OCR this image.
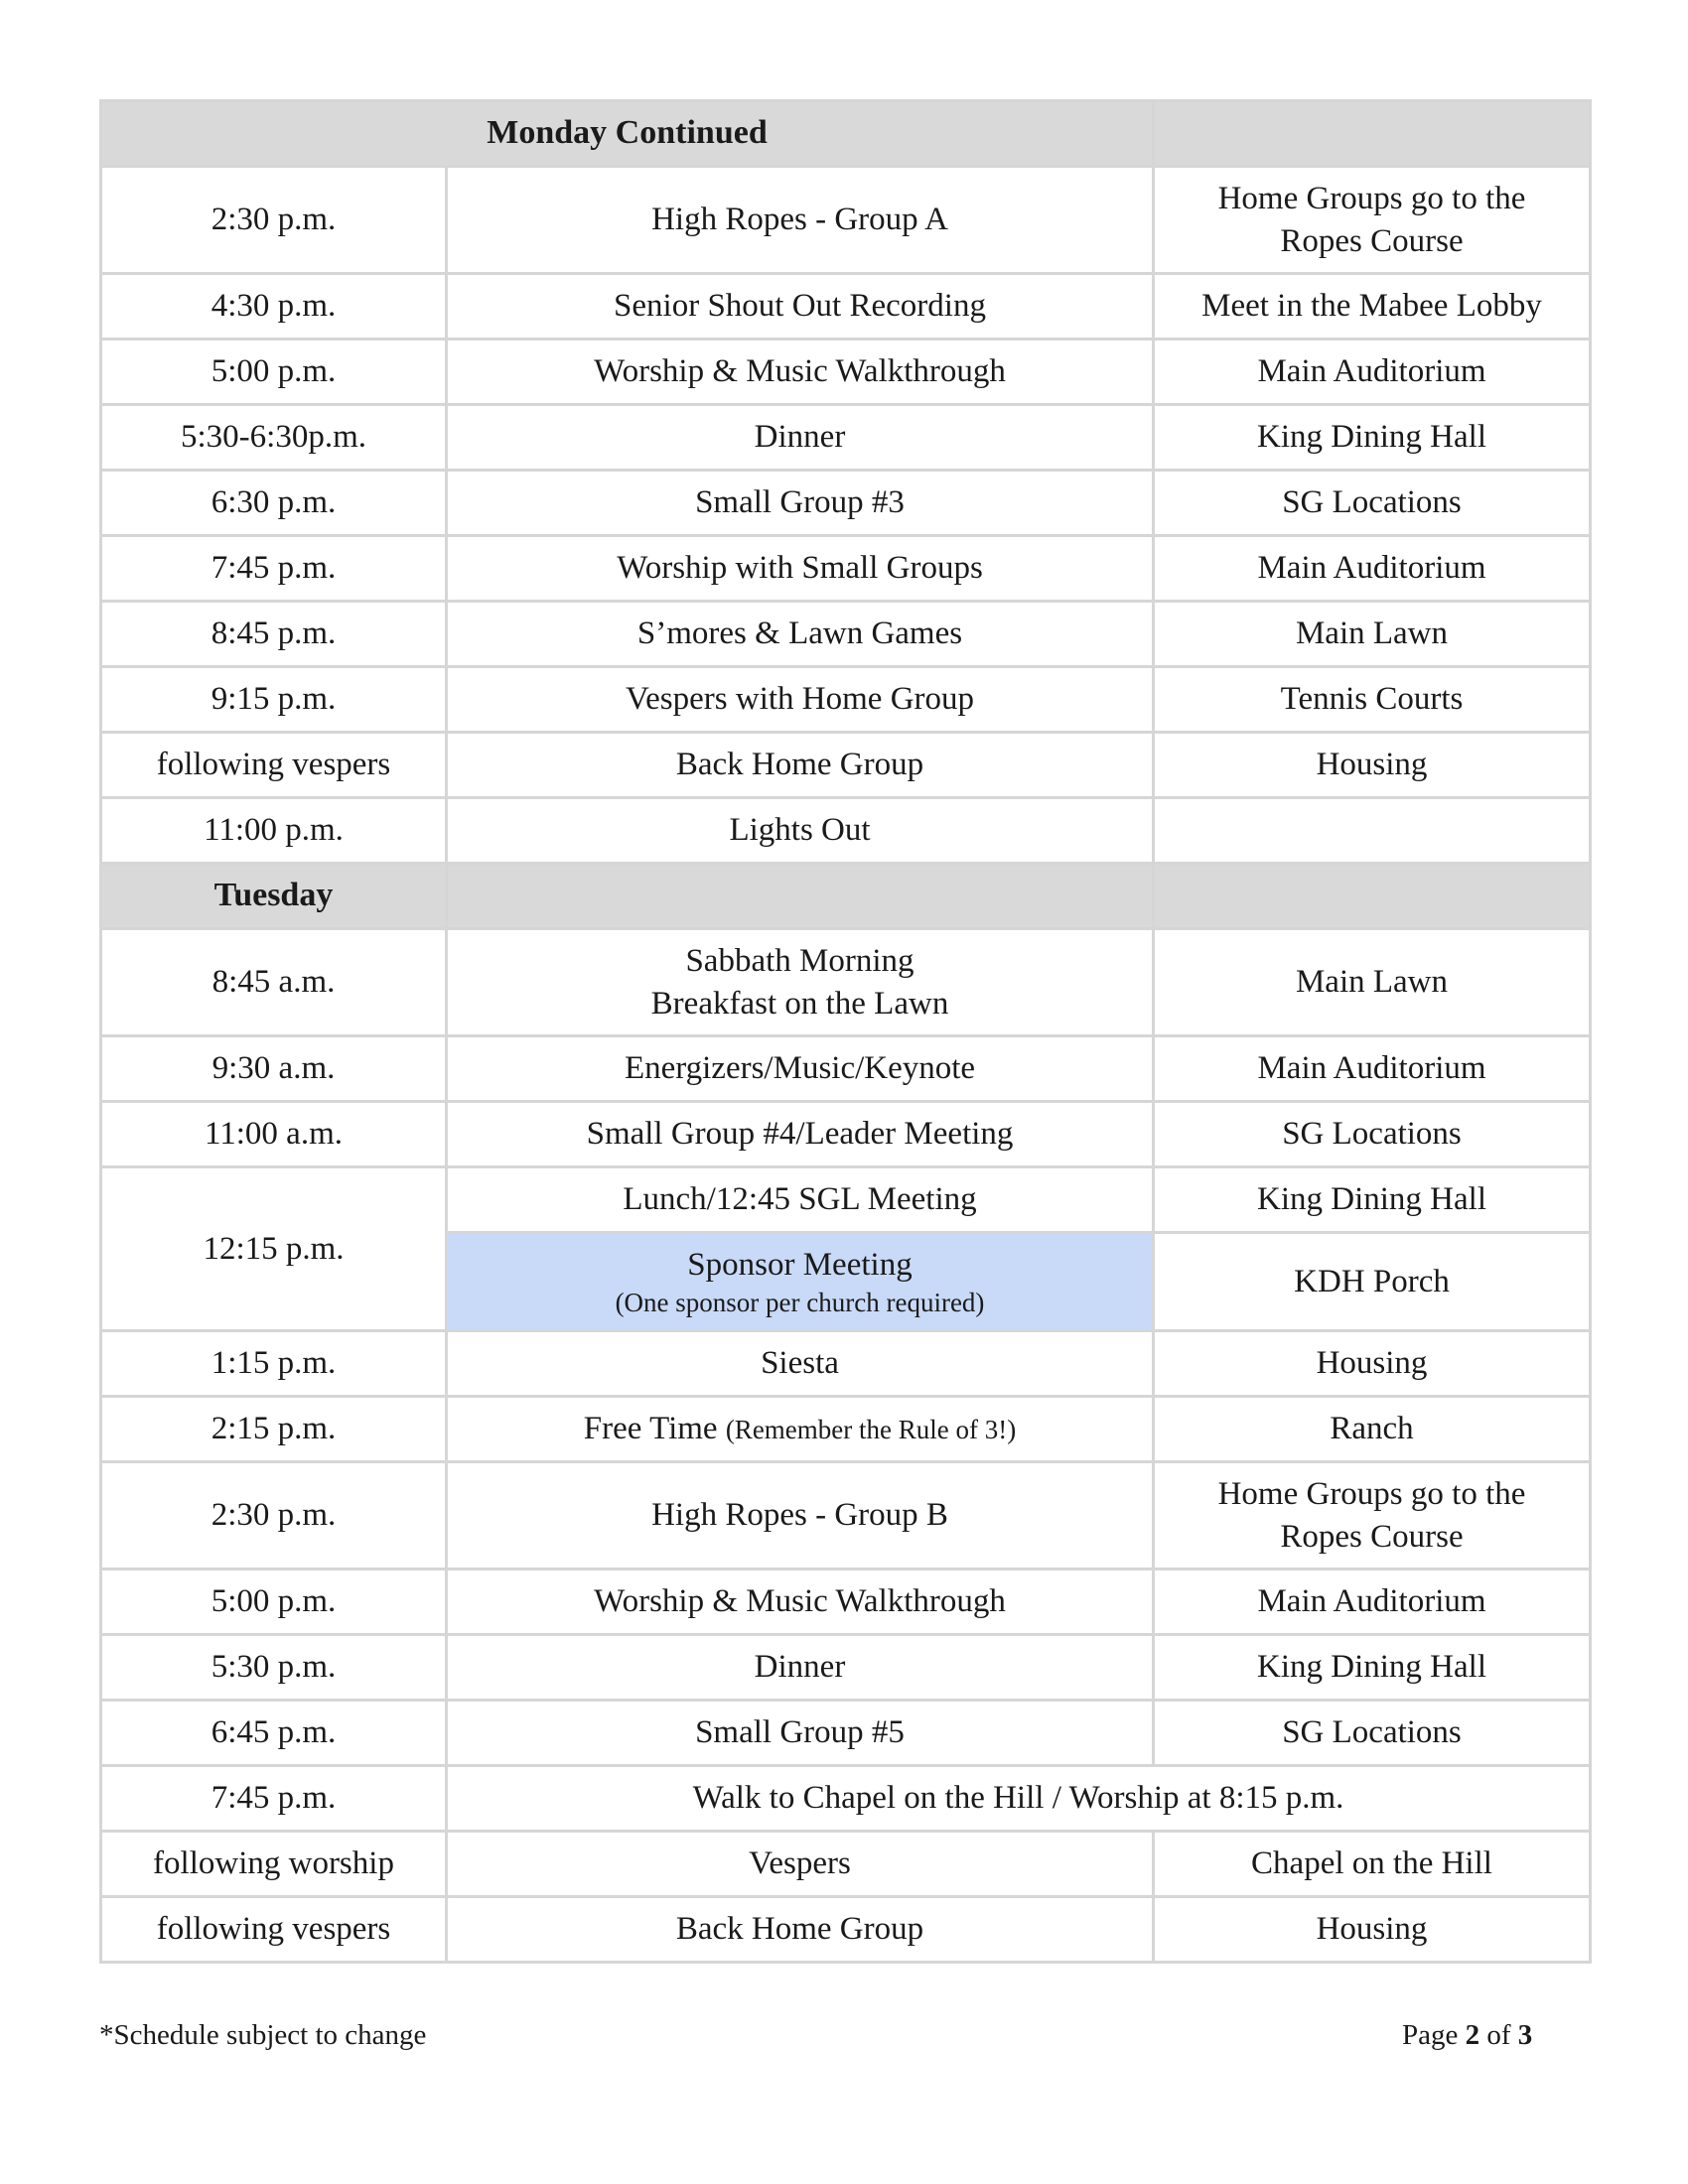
Monday Continued		
2:30 p.m.	High Ropes - Group A	Home Groups go to the
Ropes Course

4:30 p.m.	Senior Shout Out Recording	Meet in the Mabee Lobby
5:00 p.m.	Worship & Music Walkthrough	Main Auditorium
5:30-6:30p.m.	Dinner	King Dining Hall
6:30 p.m.	Small Group #3	SG Locations
7:45 p.m.	Worship with Small Groups	Main Auditorium
8:45 p.m.	S’mores & Lawn Games	Main Lawn
9:15 p.m.	Vespers with Home Group	Tennis Courts
following vespers	Back Home Group	Housing
11:00 p.m.	Lights Out	
Tuesday		
8:45 a.m.	Sabbath Morning
Breakfast on the Lawn	Main Lawn
9:30 a.m.	Energizers/Music/Keynote	Main Auditorium
11:00 a.m.	Small Group #4/Leader Meeting	SG Locations
12:15 p.m.	Lunch/12:45 SGL Meeting	King Dining Hall

	Sponsor Meeting
(One sponsor per church required)	KDH Porch
1:15 p.m.	Siesta	Housing
2:15 p.m.	Free Time (Remember the Rule of 3!)	Ranch
2:30 p.m.	High Ropes - Group B	Home Groups go to the
Ropes Course

5:00 p.m.	Worship & Music Walkthrough	Main Auditorium
5:30 p.m.	Dinner	King Dining Hall
6:45 p.m.	Small Group #5	SG Locations
7:45 p.m.	Walk to Chapel on the Hill / Worship at 8:15 p.m.	
following worship	Vespers	Chapel on the Hill
following vespers	Back Home Group	Housing
*Schedule subject to change	Page 2 of 3
